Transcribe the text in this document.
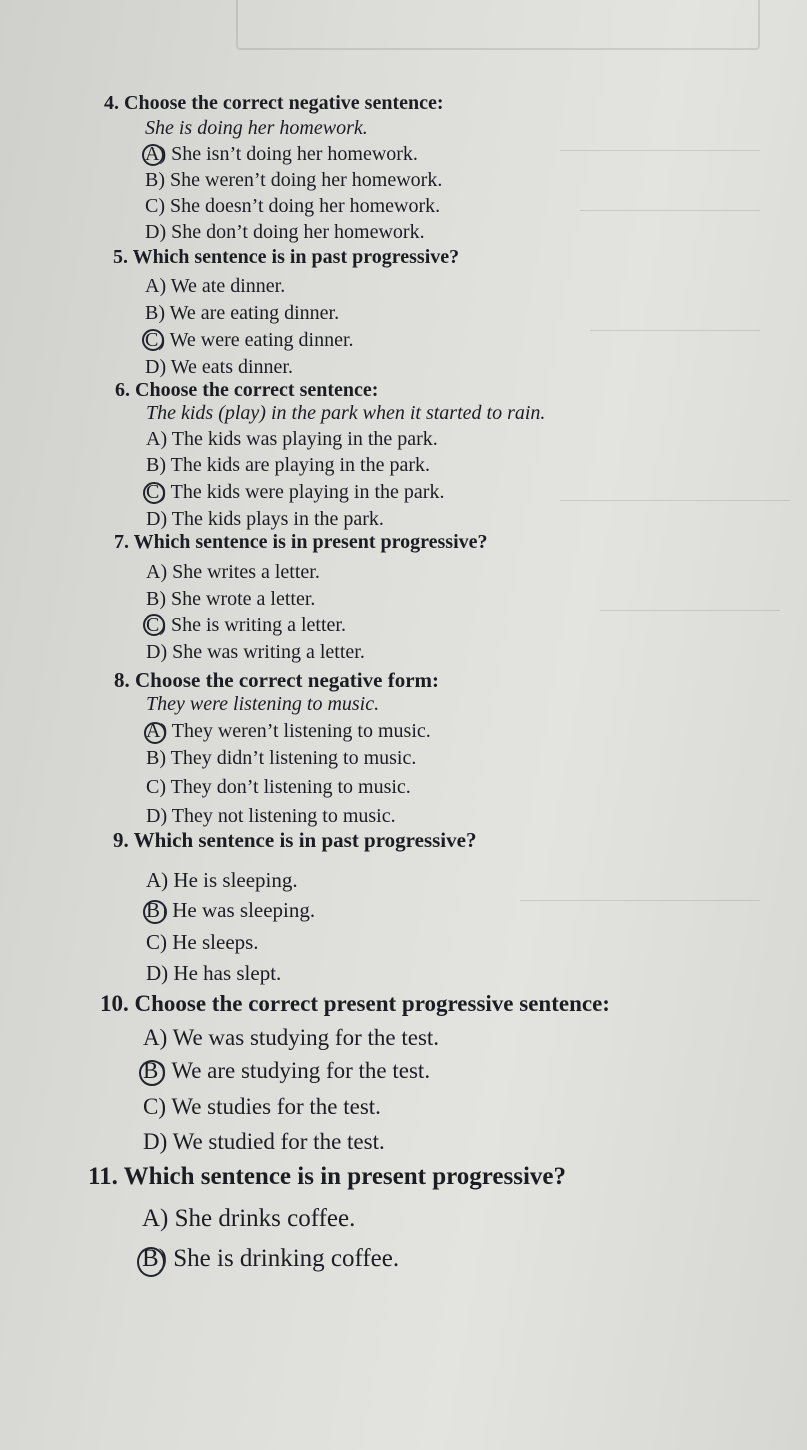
4. Choose the correct negative sentence:
She is doing her homework.
A) She isn’t doing her homework.
B) She weren’t doing her homework.
C) She doesn’t doing her homework.
D) She don’t doing her homework.
5. Which sentence is in past progressive?
A) We ate dinner.
B) We are eating dinner.
C) We were eating dinner.
D) We eats dinner.
6. Choose the correct sentence:
The kids (play) in the park when it started to rain.
A) The kids was playing in the park.
B) The kids are playing in the park.
C) The kids were playing in the park.
D) The kids plays in the park.
7. Which sentence is in present progressive?
A) She writes a letter.
B) She wrote a letter.
C) She is writing a letter.
D) She was writing a letter.
8. Choose the correct negative form:
They were listening to music.
A) They weren’t listening to music.
B) They didn’t listening to music.
C) They don’t listening to music.
D) They not listening to music.
9. Which sentence is in past progressive?
A) He is sleeping.
B) He was sleeping.
C) He sleeps.
D) He has slept.
10. Choose the correct present progressive sentence:
A) We was studying for the test.
B) We are studying for the test.
C) We studies for the test.
D) We studied for the test.
11. Which sentence is in present progressive?
A) She drinks coffee.
B) She is drinking coffee.
